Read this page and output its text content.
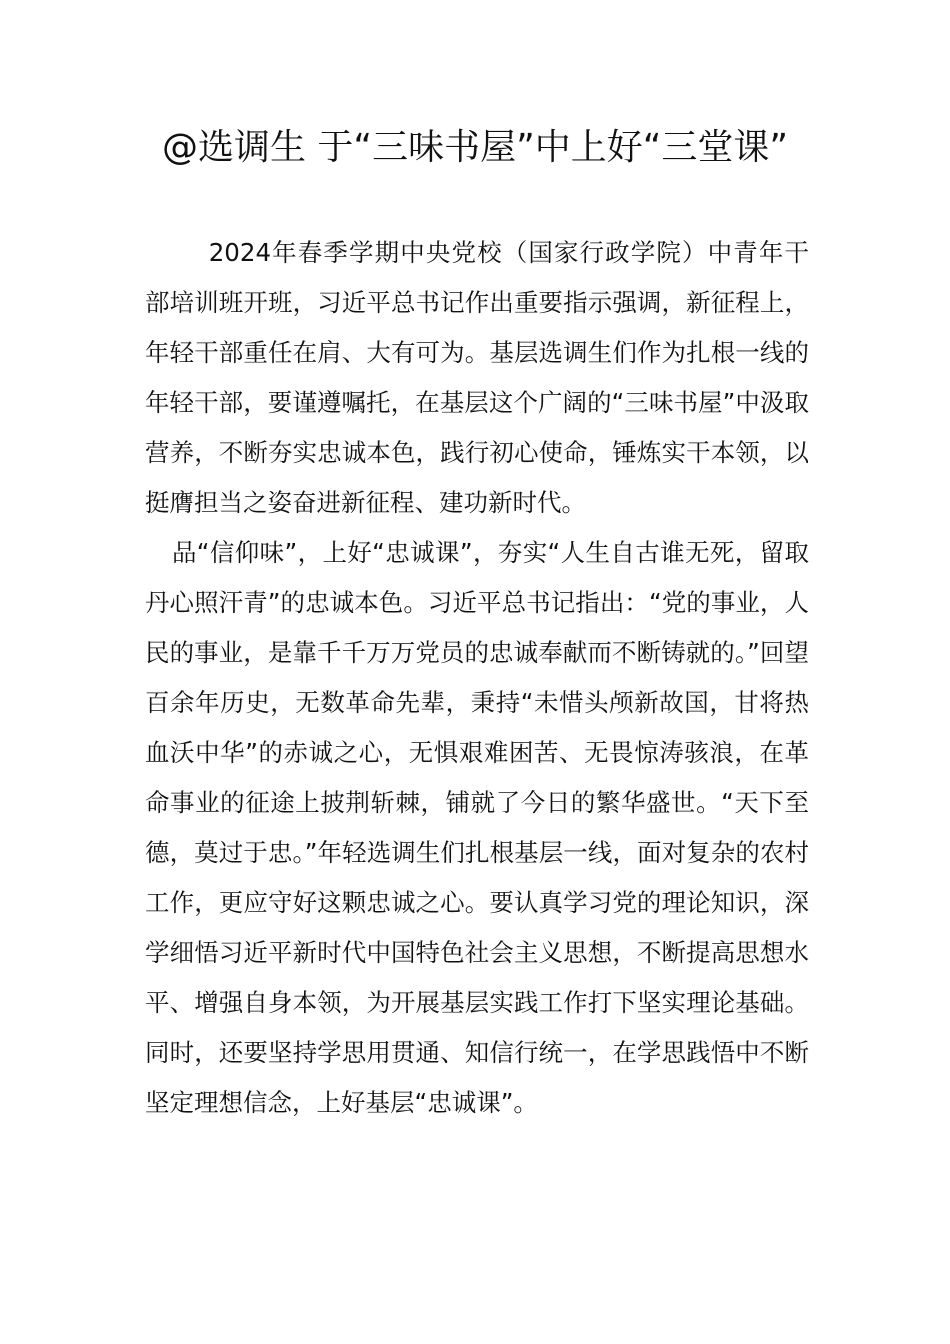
@选调生 于“三味书屋”中上好“三堂课”

2024年春季学期中央党校（国家行政学院）中青年干部培训班开班，习近平总书记作出重要指示强调，新征程上，年轻干部重任在肩、大有可为。基层选调生们作为扎根一线的年轻干部，要谨遵嘱托，在基层这个广阔的“三味书屋”中汲取营养，不断夯实忠诚本色，践行初心使命，锤炼实干本领，以挺膺担当之姿奋进新征程、建功新时代。

品“信仰味”，上好“忠诚课”，夯实“人生自古谁无死，留取丹心照汗青”的忠诚本色。习近平总书记指出：“党的事业，人民的事业，是靠千千万万党员的忠诚奉献而不断铸就的。”回望百余年历史，无数革命先辈，秉持“未惜头颅新故国，甘将热血沃中华”的赤诚之心，无惧艰难困苦、无畏惊涛骇浪，在革命事业的征途上披荆斩棘，铺就了今日的繁华盛世。“天下至德，莫过于忠。”年轻选调生们扎根基层一线，面对复杂的农村工作，更应守好这颗忠诚之心。要认真学习党的理论知识，深学细悟习近平新时代中国特色社会主义思想，不断提高思想水平、增强自身本领，为开展基层实践工作打下坚实理论基础。同时，还要坚持学思用贯通、知信行统一，在学思践悟中不断坚定理想信念，上好基层“忠诚课”。
